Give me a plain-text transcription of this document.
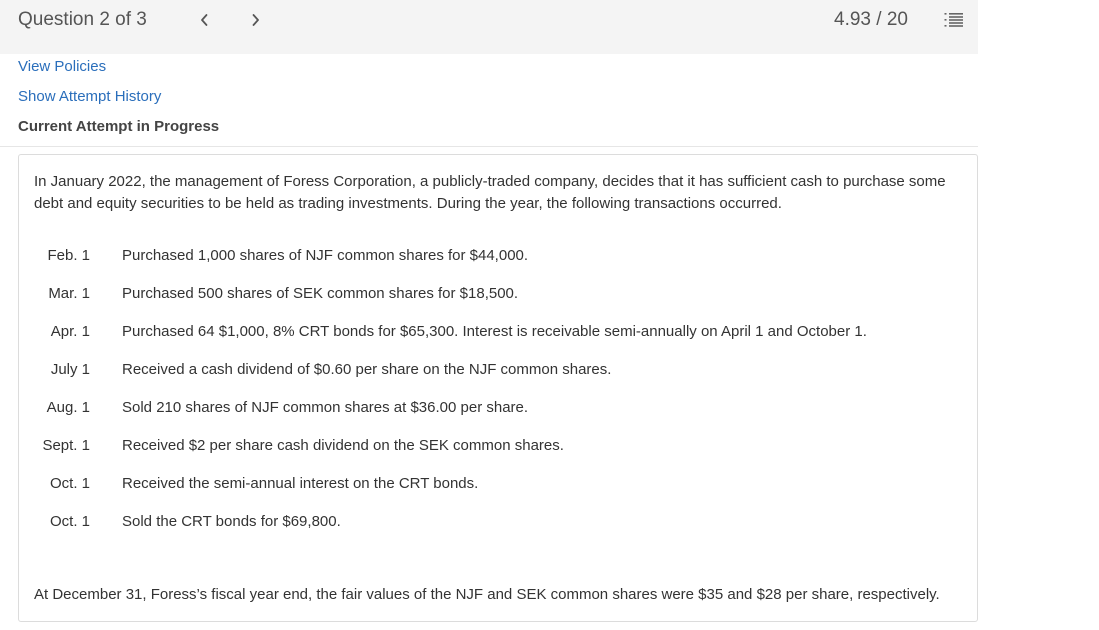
Question 2 of 3	4.93 / 20
View Policies
Show Attempt History
Current Attempt in Progress

In January 2022, the management of Foress Corporation, a publicly-traded company, decides that it has sufficient cash to purchase some debt and equity securities to be held as trading investments. During the year, the following transactions occurred.

Feb. 1 Purchased 1,000 shares of NJF common shares for $44,000.
Mar. 1 Purchased 500 shares of SEK common shares for $18,500.
Apr. 1 Purchased 64 $1,000, 8% CRT bonds for $65,300. Interest is receivable semi-annually on April 1 and October 1.
July 1 Received a cash dividend of $0.60 per share on the NJF common shares.
Aug. 1 Sold 210 shares of NJF common shares at $36.00 per share.
Sept. 1 Received $2 per share cash dividend on the SEK common shares.
Oct. 1 Received the semi-annual interest on the CRT bonds.
Oct. 1 Sold the CRT bonds for $69,800.

At December 31, Foress’s fiscal year end, the fair values of the NJF and SEK common shares were $35 and $28 per share, respectively.
